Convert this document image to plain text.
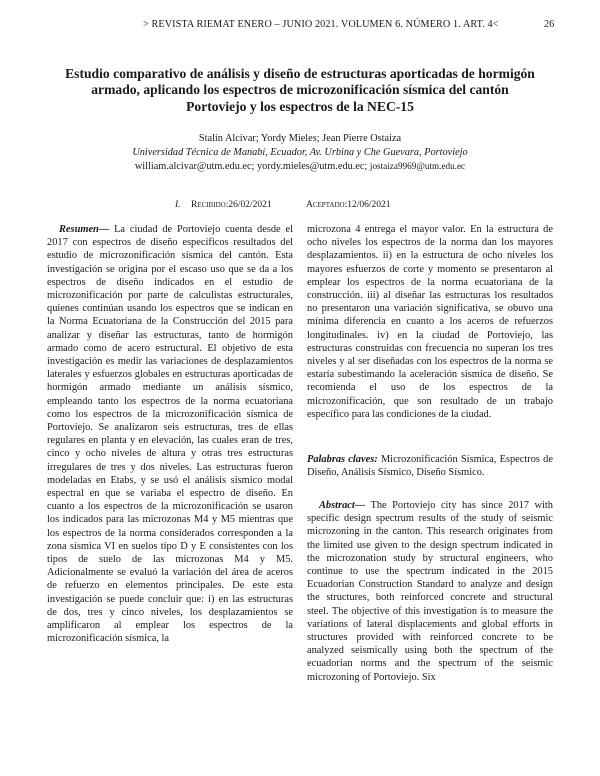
> REVISTA RIEMAT ENERO – JUNIO 2021. VOLUMEN 6. NÚMERO 1. ART. 4<	26
Estudio comparativo de análisis y diseño de estructuras aporticadas de hormigón armado, aplicando los espectros de microzonificación sísmica del cantón Portoviejo y los espectros de la NEC-15
Stalin Alcívar; Yordy Mieles; Jean Pierre Ostaiza
Universidad Técnica de Manabí, Ecuador, Av. Urbina y Che Guevara, Portoviejo
william.alcivar@utm.edu.ec; yordy.mieles@utm.edu.ec; jostaiza9969@utm.edu.ec
I. Recibido:26/02/2021	Aceptado:12/06/2021

Resumen— La ciudad de Portoviejo cuenta desde el 2017 con espectros de diseño específicos resultados del estudio de microzonificación sísmica del cantón. Esta investigación se origina por el escaso uso que se da a los espectros de diseño indicados en el estudio de microzonificación por parte de calculistas estructurales, quienes continúan usando los espectros que se indican en la Norma Ecuatoriana de la Construcción del 2015 para analizar y diseñar las estructuras, tanto de hormigón armado como de acero estructural. El objetivo de esta investigación es medir las variaciones de desplazamientos laterales y esfuerzos globales en estructuras aporticadas de hormigón armado mediante un análisis sísmico, empleando tanto los espectros de la norma ecuatoriana como los espectros de la microzonificación sísmica de Portoviejo. Se analizaron seis estructuras, tres de ellas regulares en planta y en elevación, las cuales eran de tres, cinco y ocho niveles de altura y otras tres estructuras irregulares de tres y dos niveles. Las estructuras fueron modeladas en Etabs, y se usó el análisis sísmico modal espectral en que se variaba el espectro de diseño. En cuanto a los espectros de la microzonificación se usaron los indicados para las microzonas M4 y M5 mientras que los espectros de la norma considerados corresponden a la zona sísmica VI en suelos tipo D y E consistentes con los tipos de suelo de las microzonas M4 y M5. Adicionalmente se evaluó la variación del área de aceros de refuerzo en elementos principales. De este esta investigación se puede concluir que: i) en las estructuras de dos, tres y cinco niveles, los desplazamientos se amplificaron al emplear los espectros de la microzonificación sísmica, la

microzona 4 entrega el mayor valor. En la estructura de ocho niveles los espectros de la norma dan los mayores desplazamientos. ii) en la estructura de ocho niveles los mayores esfuerzos de corte y momento se presentaron al emplear los espectros de la norma ecuatoriana de la construcción. iii) al diseñar las estructuras los resultados no presentaron una variación significativa, se obuvo una mínima diferencia en cuanto a los aceros de refuerzos longitudinales. iv) en la ciudad de Portoviejo, las estructuras construidas con frecuencia no superan los tres niveles y al ser diseñadas con los espectros de la norma se estaría subestimando la aceleración sísmica de diseño. Se recomienda el uso de los espectros de la microzonificación, que son resultado de un trabajo específico para las condiciones de la ciudad.

Palabras claves: Microzonificación Sísmica, Espectros de Diseño, Análisis Sísmico, Diseño Sísmico.
Abstract— The Portoviejo city has since 2017 with specific design spectrum results of the study of seismic microzoning in the canton. This research originates from the limited use given to the design spectrum indicated in the microzonation study by structural engineers, who continue to use the spectrum indicated in the 2015 Ecuadorian Construction Standard to analyze and design the structures, both reinforced concrete and structural steel. The objective of this investigation is to measure the variations of lateral displacements and global efforts in structures provided with reinforced concrete to be analyzed seismically using both the spectrum of the ecuadorian norms and the spectrum of the seismic microzoning of Portoviejo. Six
